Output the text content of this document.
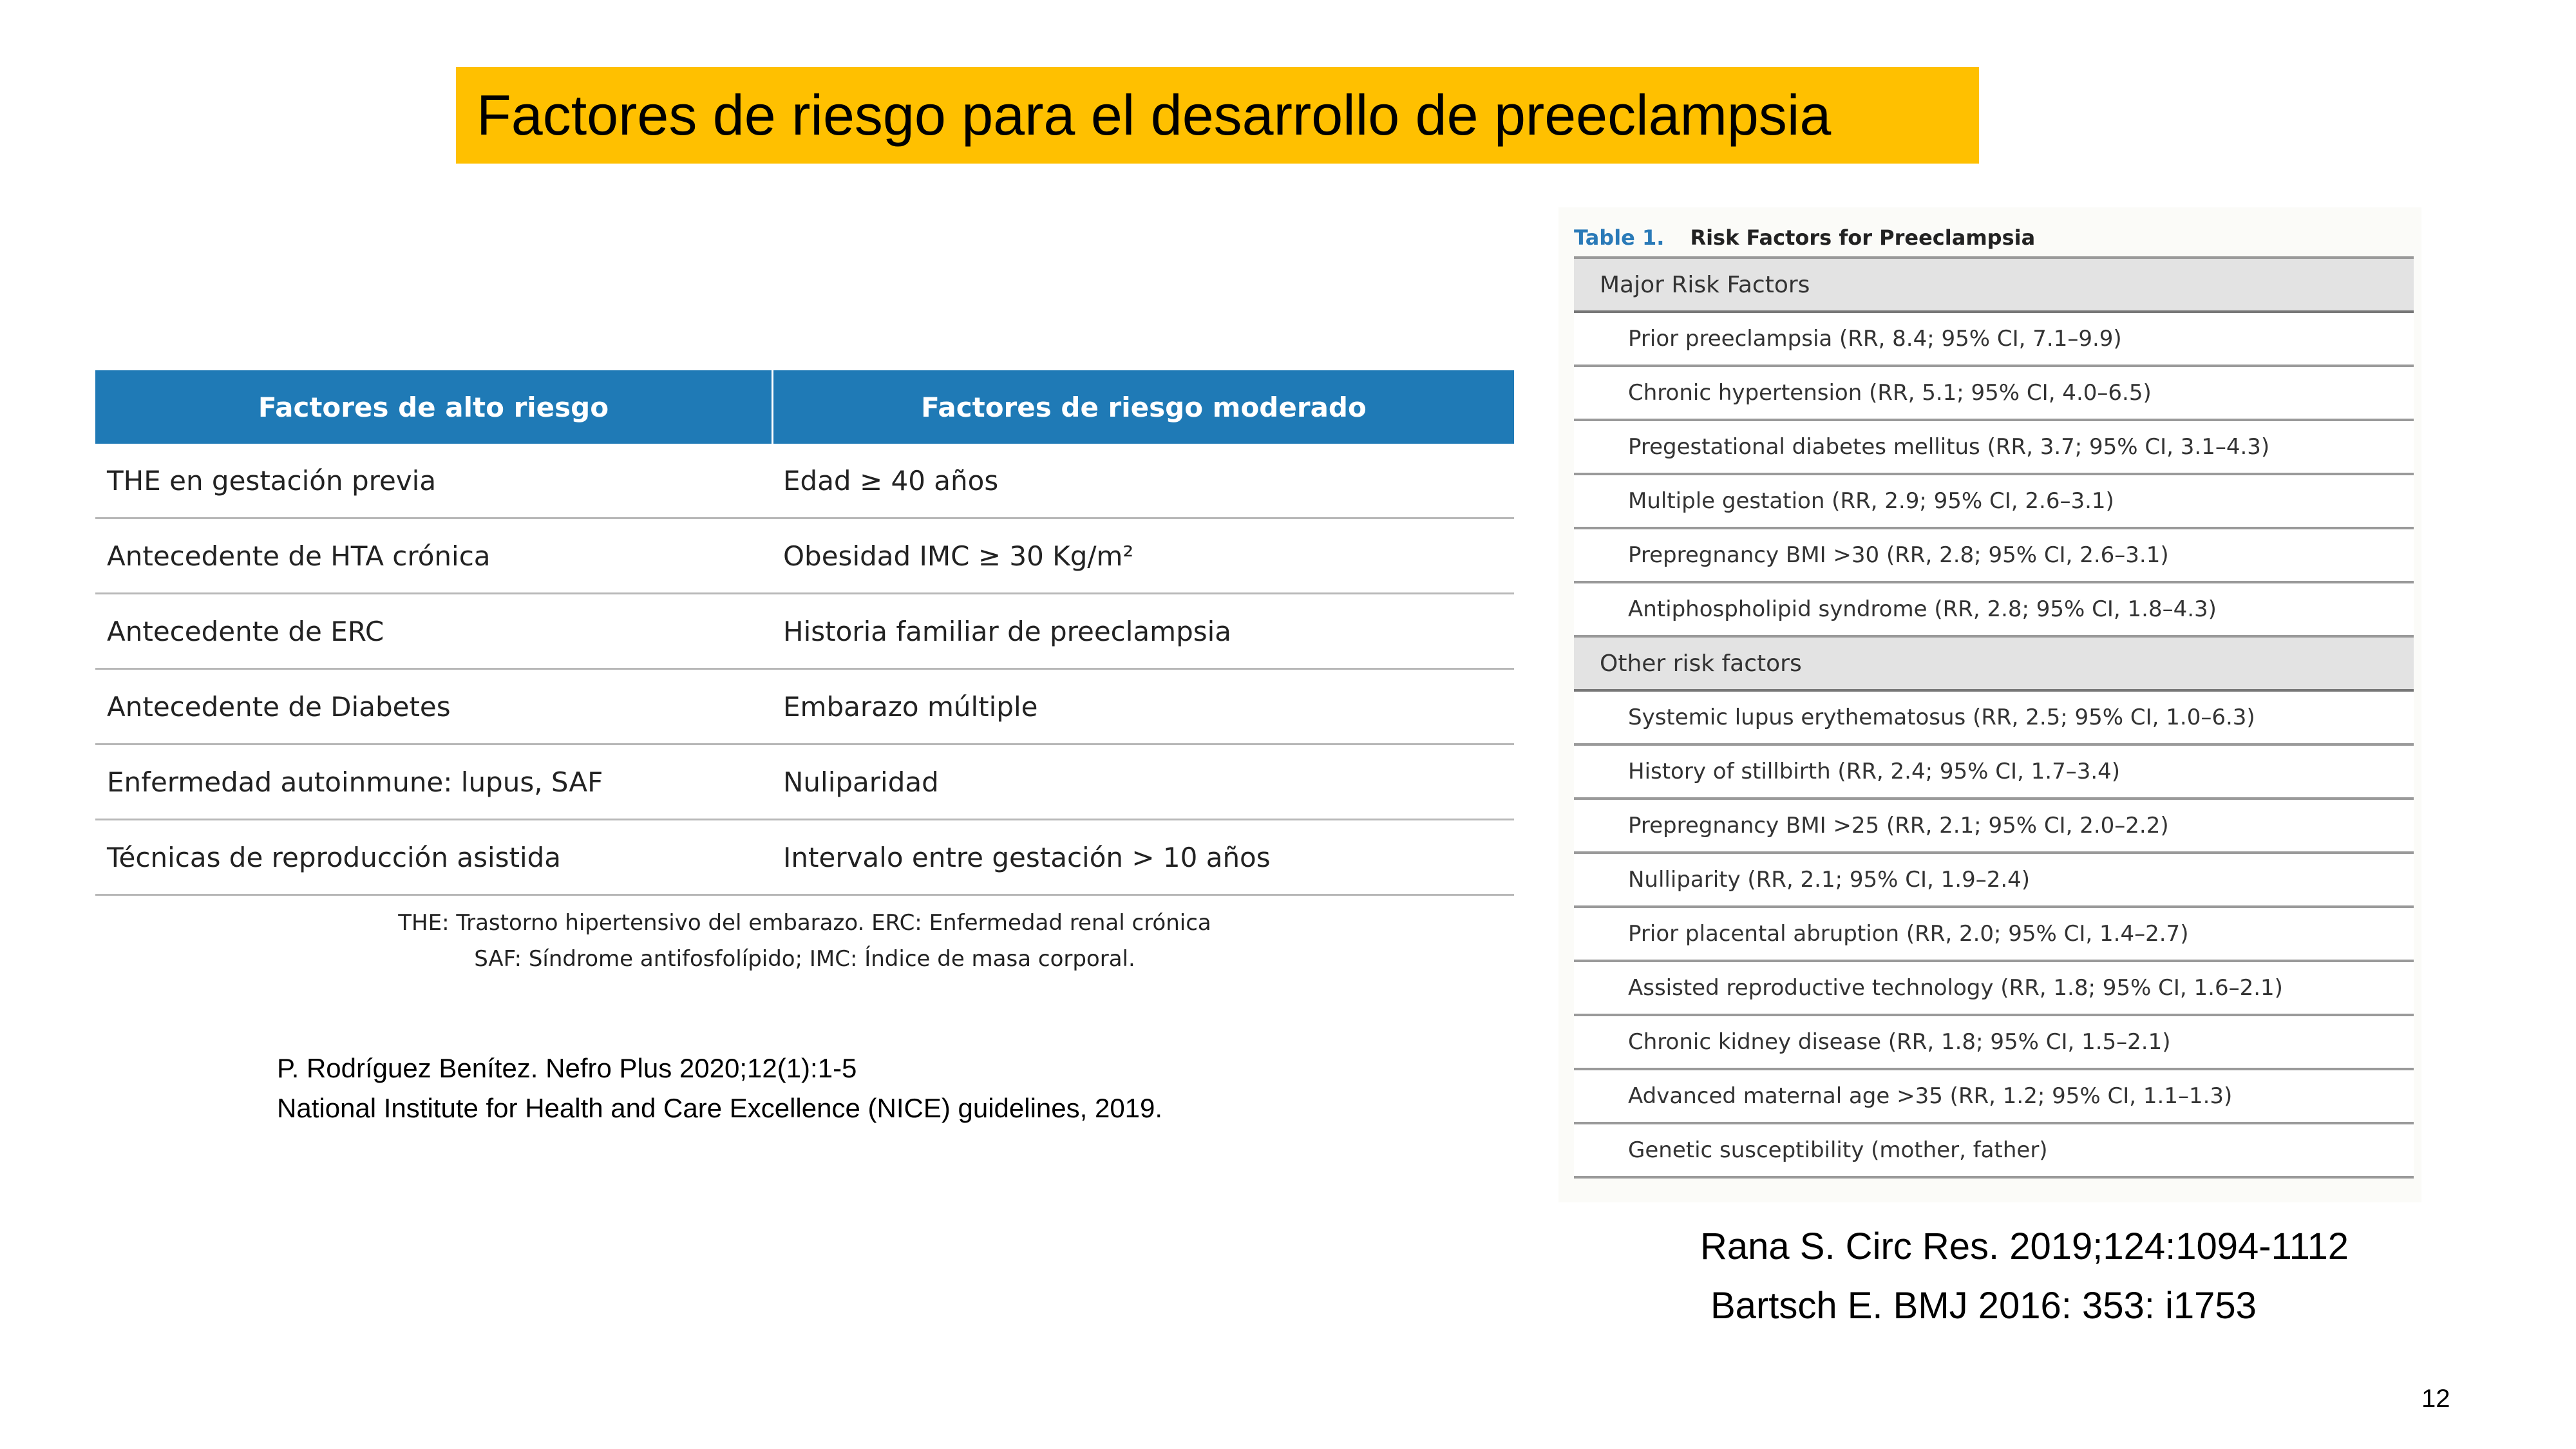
Factores de riesgo para el desarrollo de preeclampsia
Factores de alto riesgo	Factores de riesgo moderado
THE en gestación previa	Edad ≥ 40 años
Antecedente de HTA crónica	Obesidad IMC ≥ 30 Kg/m²
Antecedente de ERC	Historia familiar de preeclampsia
Antecedente de Diabetes	Embarazo múltiple
Enfermedad autoinmune: lupus, SAF	Nuliparidad
Técnicas de reproducción asistida	Intervalo entre gestación > 10 años
THE: Trastorno hipertensivo del embarazo. ERC: Enfermedad renal crónica
SAF: Síndrome antifosfolípido; IMC: Índice de masa corporal.
P. Rodríguez Benítez. Nefro Plus 2020;12(1):1-5
National Institute for Health and Care Excellence (NICE) guidelines, 2019.
Table 1. Risk Factors for Preeclampsia
Major Risk Factors
Prior preeclampsia (RR, 8.4; 95% CI, 7.1–9.9)
Chronic hypertension (RR, 5.1; 95% CI, 4.0–6.5)
Pregestational diabetes mellitus (RR, 3.7; 95% CI, 3.1–4.3)
Multiple gestation (RR, 2.9; 95% CI, 2.6–3.1)
Prepregnancy BMI >30 (RR, 2.8; 95% CI, 2.6–3.1)
Antiphospholipid syndrome (RR, 2.8; 95% CI, 1.8–4.3)
Other risk factors
Systemic lupus erythematosus (RR, 2.5; 95% CI, 1.0–6.3)
History of stillbirth (RR, 2.4; 95% CI, 1.7–3.4)
Prepregnancy BMI >25 (RR, 2.1; 95% CI, 2.0–2.2)
Nulliparity (RR, 2.1; 95% CI, 1.9–2.4)
Prior placental abruption (RR, 2.0; 95% CI, 1.4–2.7)
Assisted reproductive technology (RR, 1.8; 95% CI, 1.6–2.1)
Chronic kidney disease (RR, 1.8; 95% CI, 1.5–2.1)
Advanced maternal age >35 (RR, 1.2; 95% CI, 1.1–1.3)
Genetic susceptibility (mother, father)
Rana S. Circ Res. 2019;124:1094-1112
Bartsch E. BMJ 2016: 353: i1753
12
